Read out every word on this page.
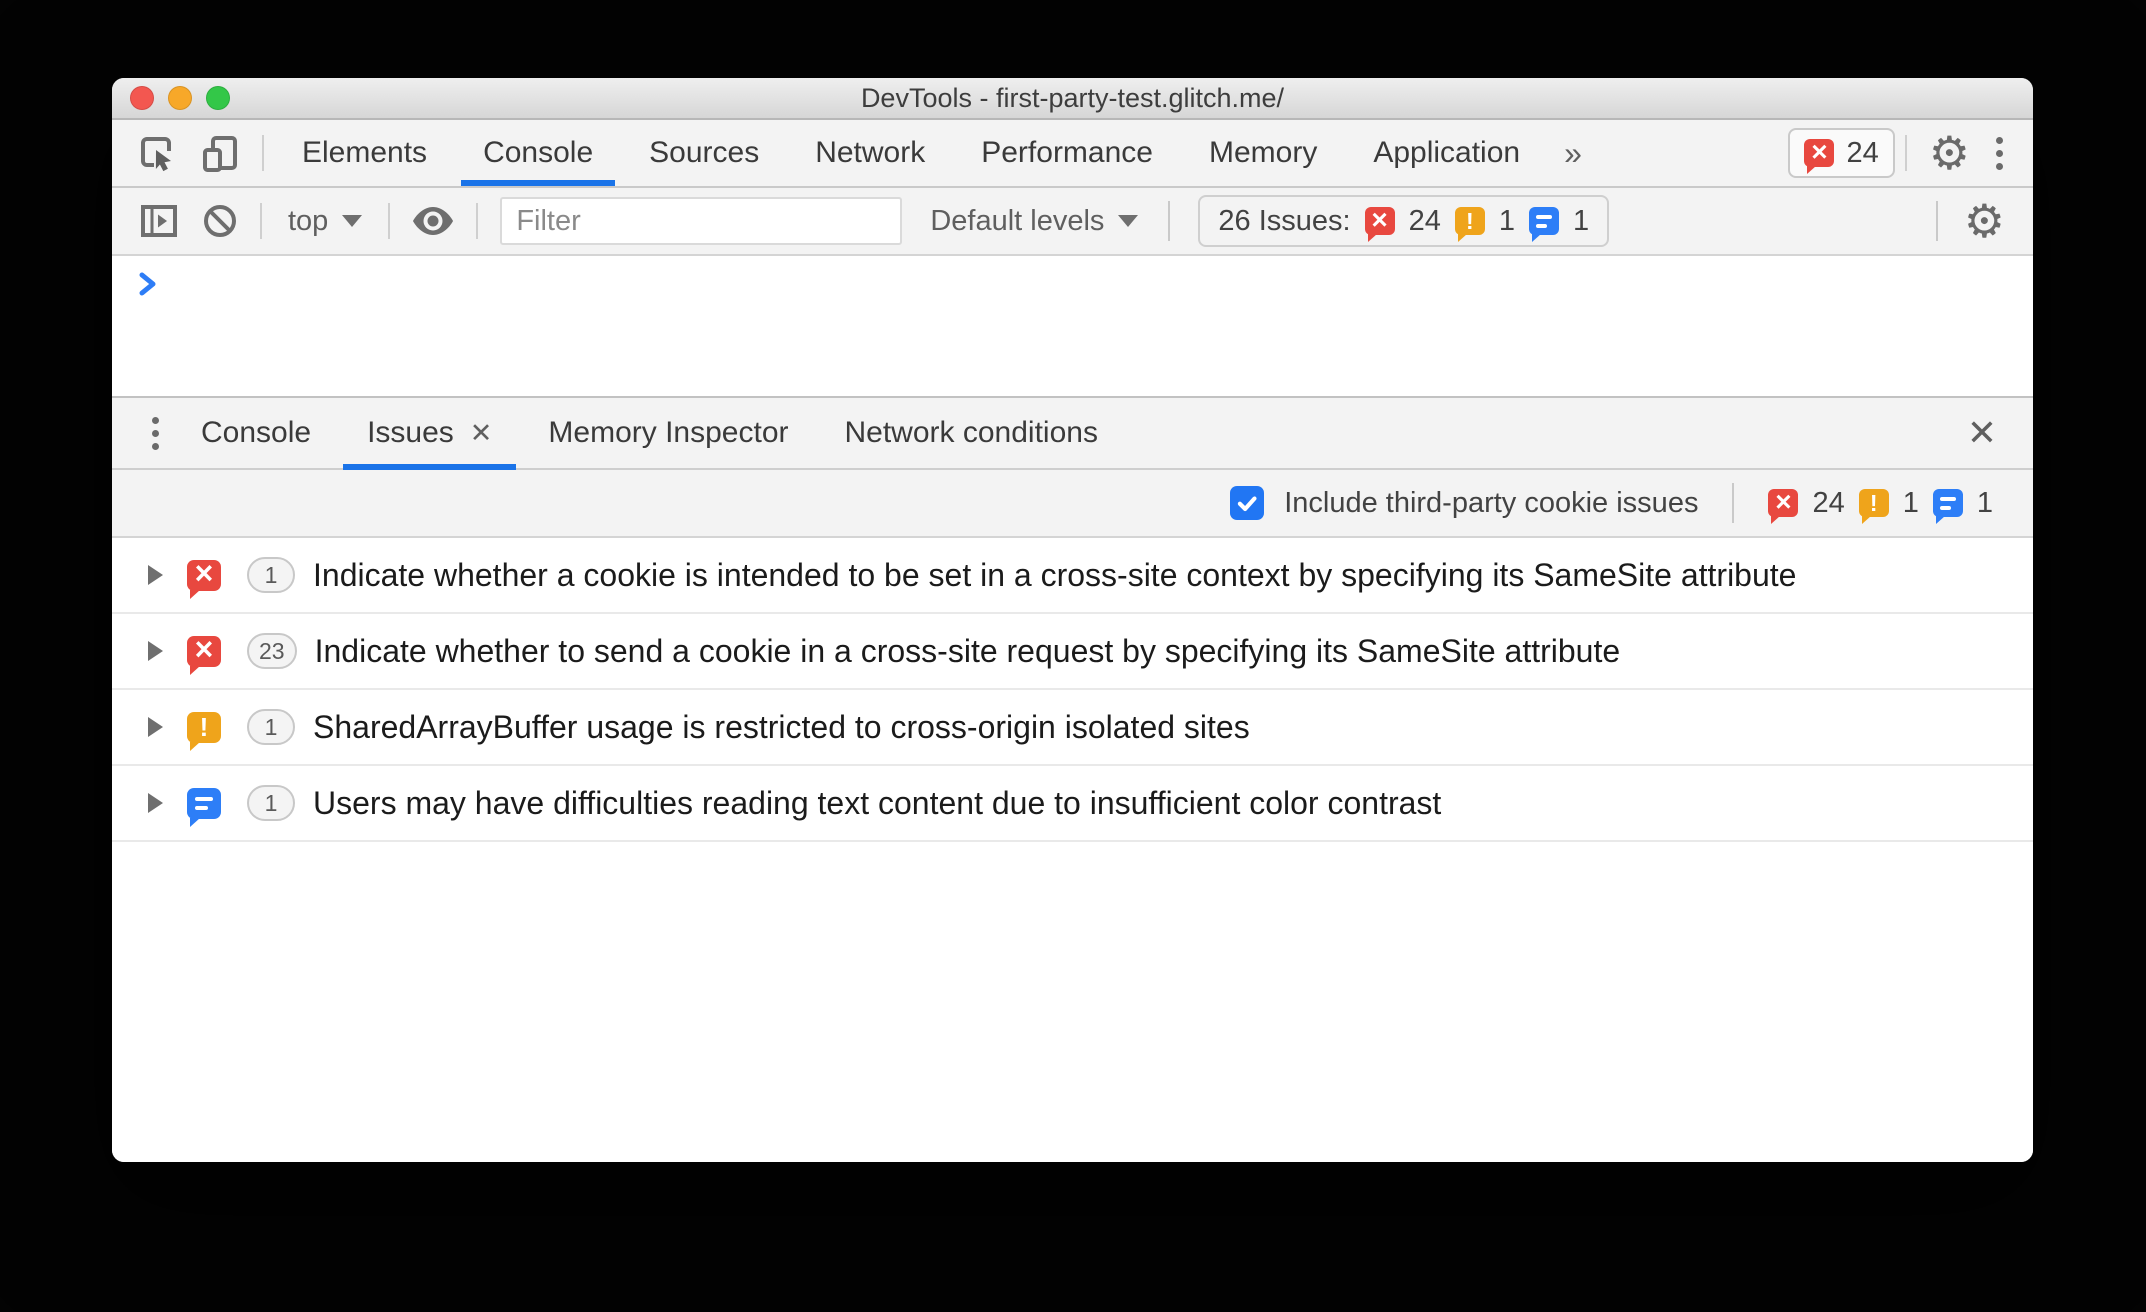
DevTools - first-party-test.glitch.me/
Elements	Console	Sources	Network	Performance	Memory	Application	» ×	24
⚙
top
Filter	Default levels	26 Issues: × 24 ! 1 1
⚙
Console	Issues ✕	Memory Inspector	Network conditions
✕
Include third-party cookie issues ×	24 ! 1 1
×
1	Indicate whether a cookie is intended to be set in a cross-site context by specifying its SameSite attribute
×
23 Indicate whether to send a cookie in a cross-site request by specifying its SameSite attribute
!
1	SharedArrayBuffer usage is restricted to cross-origin isolated sites
1	Users may have difficulties reading text content due to insufficient color contrast
